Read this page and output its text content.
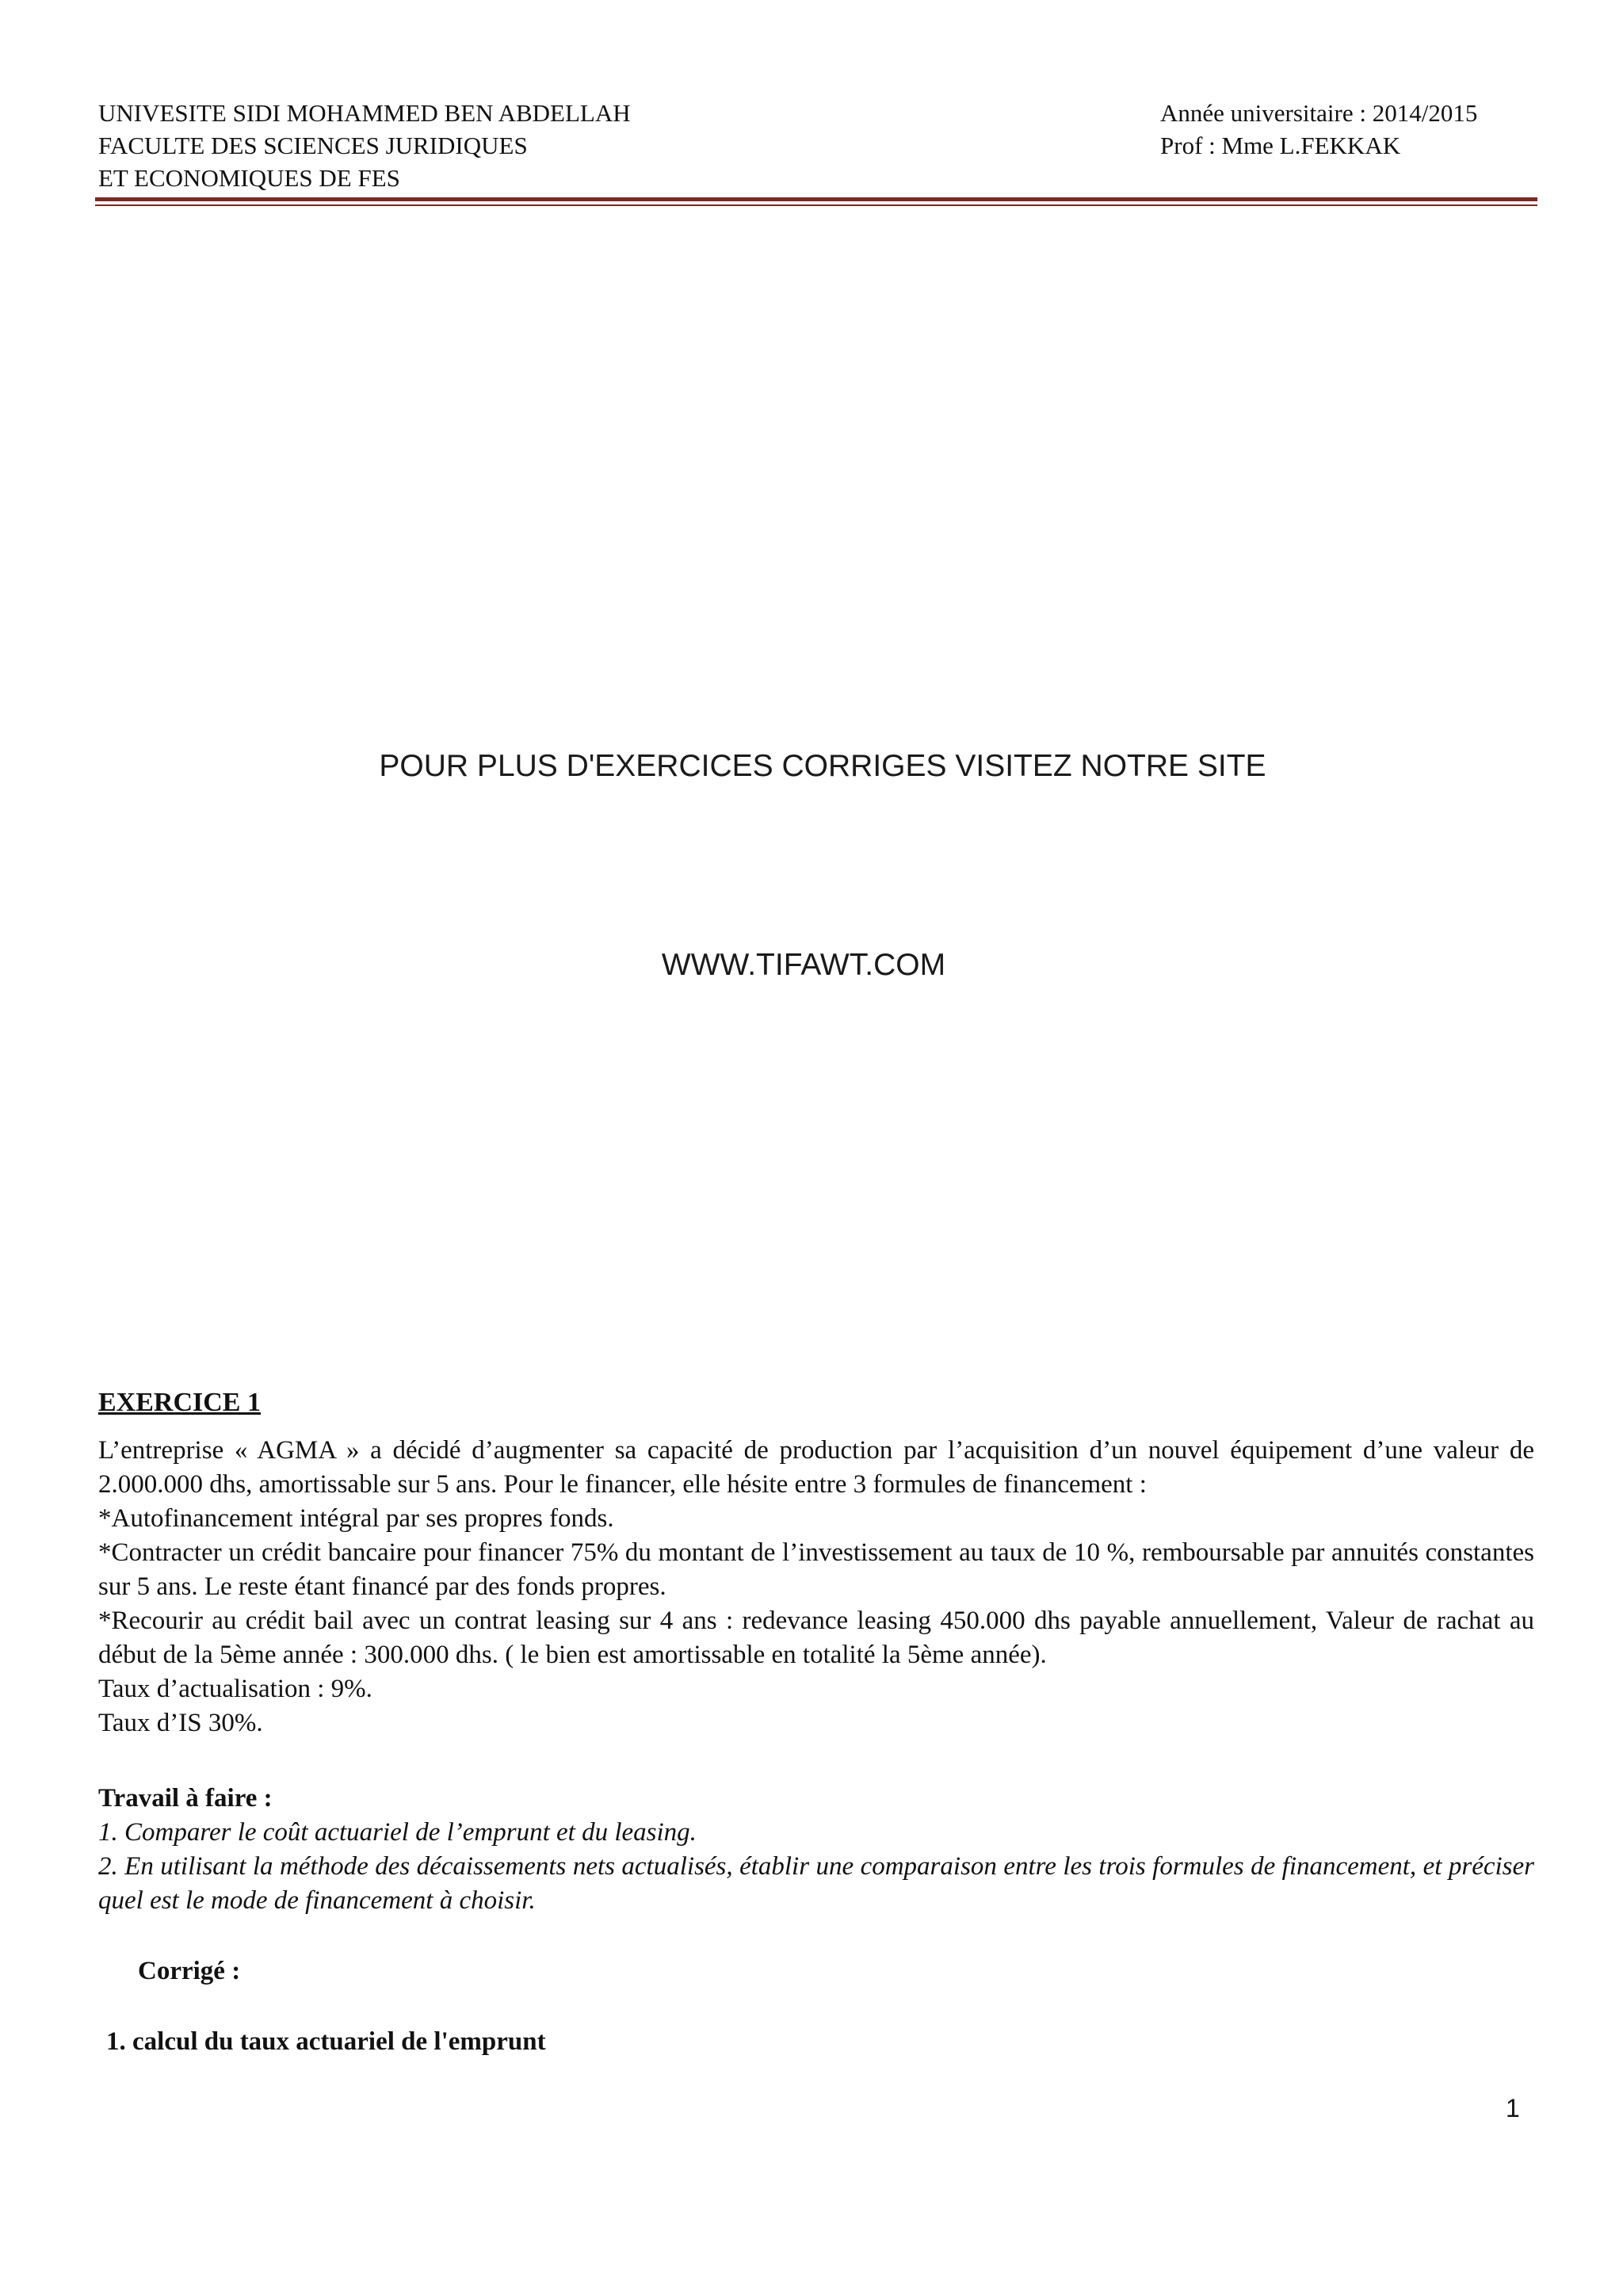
UNIVESITE SIDI MOHAMMED BEN ABDELLAH
FACULTE DES SCIENCES JURIDIQUES
ET ECONOMIQUES DE FES
Année universitaire : 2014/2015
Prof : Mme L.FEKKAK
POUR PLUS D'EXERCICES CORRIGES VISITEZ NOTRE SITE
WWW.TIFAWT.COM

EXERCICE 1

L’entreprise « AGMA » a décidé d’augmenter sa capacité de production par l’acquisition d’un nouvel équipement d’une valeur de 2.000.000 dhs, amortissable sur 5 ans. Pour le financer, elle hésite entre 3 formules de financement :

*Autofinancement intégral par ses propres fonds.

*Contracter un crédit bancaire pour financer 75% du montant de l’investissement au taux de 10 %, remboursable par annuités constantes sur 5 ans. Le reste étant financé par des fonds propres.

*Recourir au crédit bail avec un contrat leasing sur 4 ans : redevance leasing 450.000 dhs payable annuellement, Valeur de rachat au début de la 5ème année : 300.000 dhs. ( le bien est amortissable en totalité la 5ème année).

Taux d’actualisation : 9%.

Taux d’IS 30%.

Travail à faire :

1. Comparer le coût actuariel de l’emprunt et du leasing.

2. En utilisant la méthode des décaissements nets actualisés, établir une comparaison entre les trois formules de financement, et préciser quel est le mode de financement à choisir.

Corrigé :

1. calcul du taux actuariel de l'emprunt

1
